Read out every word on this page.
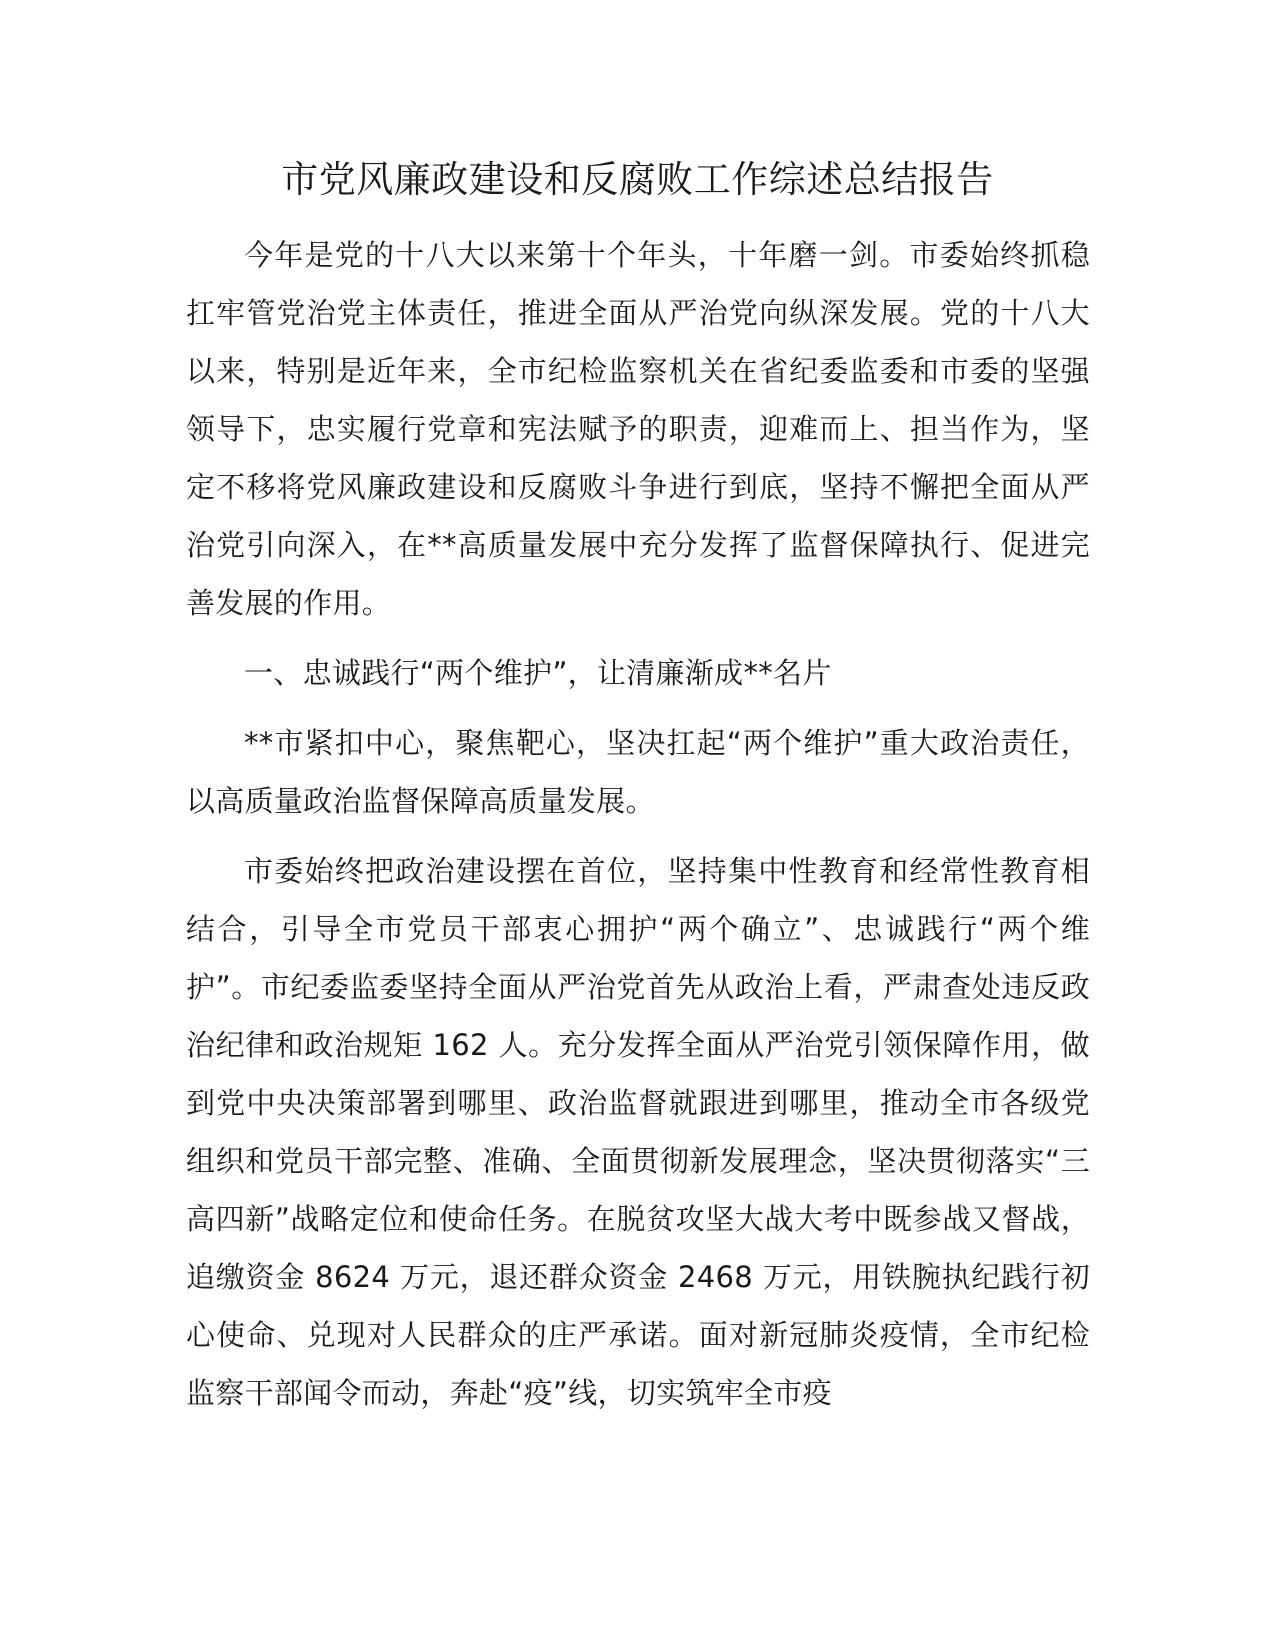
市党风廉政建设和反腐败工作综述总结报告

今年是党的十八大以来第十个年头，十年磨一剑。市委始终抓稳扛牢管党治党主体责任，推进全面从严治党向纵深发展。党的十八大以来，特别是近年来，全市纪检监察机关在省纪委监委和市委的坚强领导下，忠实履行党章和宪法赋予的职责，迎难而上、担当作为，坚定不移将党风廉政建设和反腐败斗争进行到底，坚持不懈把全面从严治党引向深入，在**高质量发展中充分发挥了监督保障执行、促进完善发展的作用。

一、忠诚践行“两个维护”，让清廉渐成**名片

**市紧扣中心，聚焦靶心，坚决扛起“两个维护”重大政治责任，以高质量政治监督保障高质量发展。

市委始终把政治建设摆在首位，坚持集中性教育和经常性教育相结合，引导全市党员干部衷心拥护“两个确立”、忠诚践行“两个维护”。市纪委监委坚持全面从严治党首先从政治上看，严肃查处违反政治纪律和政治规矩 162 人。充分发挥全面从严治党引领保障作用，做到党中央决策部署到哪里、政治监督就跟进到哪里，推动全市各级党组织和党员干部完整、准确、全面贯彻新发展理念，坚决贯彻落实“三高四新”战略定位和使命任务。在脱贫攻坚大战大考中既参战又督战，追缴资金 8624 万元，退还群众资金 2468 万元，用铁腕执纪践行初心使命、兑现对人民群众的庄严承诺。面对新冠肺炎疫情，全市纪检监察干部闻令而动，奔赴“疫”线，切实筑牢全市疫
